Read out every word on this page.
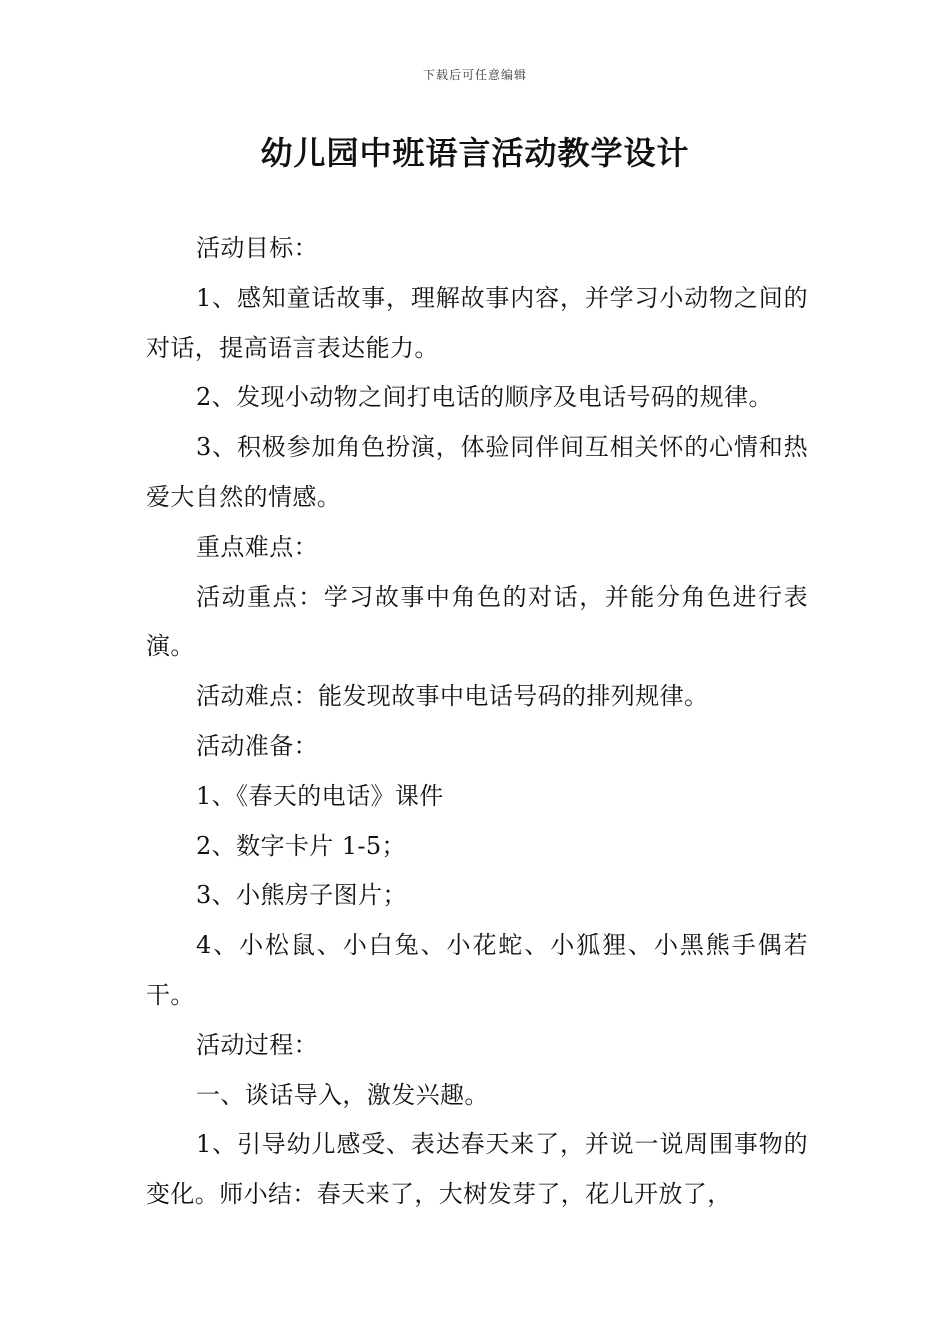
下载后可任意编辑
幼儿园中班语言活动教学设计

活动目标：

1、感知童话故事，理解故事内容，并学习小动物之间的对话，提高语言表达能力。

2、发现小动物之间打电话的顺序及电话号码的规律。

3、积极参加角色扮演，体验同伴间互相关怀的心情和热爱大自然的情感。

重点难点：

活动重点：学习故事中角色的对话，并能分角色进行表演。

活动难点：能发现故事中电话号码的排列规律。

活动准备：

1、《春天的电话》课件

2、数字卡片 1-5；

3、小熊房子图片；

4、小松鼠、小白兔、小花蛇、小狐狸、小黑熊手偶若干。

活动过程：

一、谈话导入，激发兴趣。

1、引导幼儿感受、表达春天来了，并说一说周围事物的变化。师小结：春天来了，大树发芽了，花儿开放了，
